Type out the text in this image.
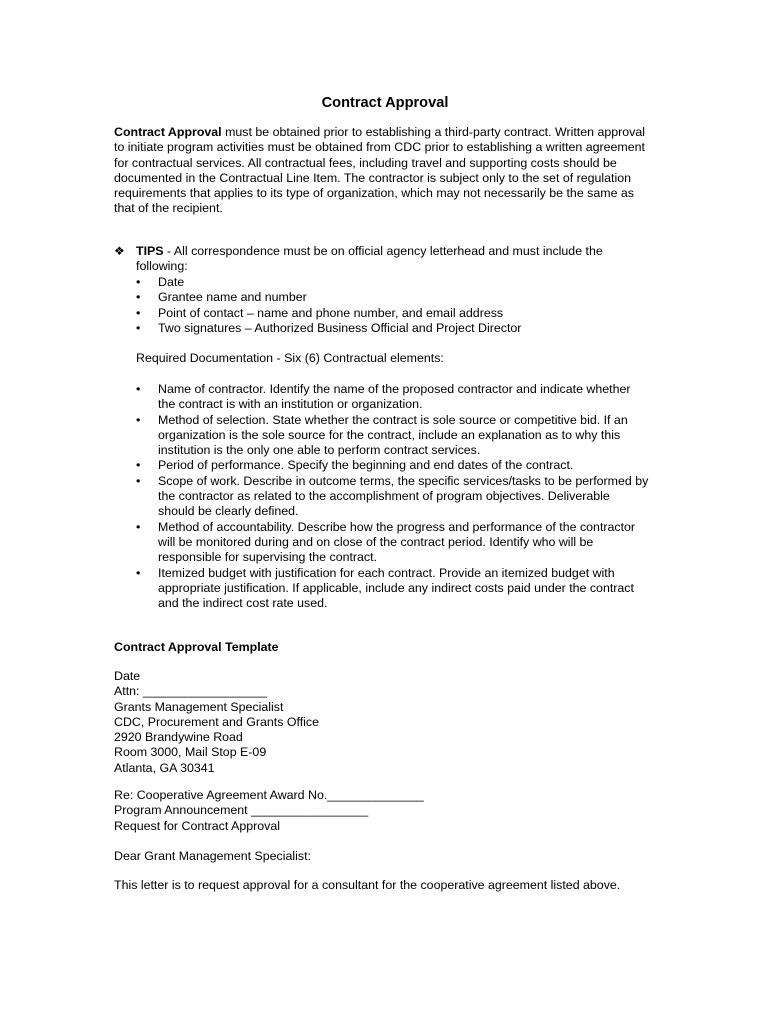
Contract Approval
Contract Approval must be obtained prior to establishing a third-party contract. Written approval
to initiate program activities must be obtained from CDC prior to establishing a written agreement
for contractual services. All contractual fees, including travel and supporting costs should be
documented in the Contractual Line Item. The contractor is subject only to the set of regulation
requirements that applies to its type of organization, which may not necessarily be the same as
that of the recipient.
❖ TIPS - All correspondence must be on official agency letterhead and must include the
following:
• Date
• Grantee name and number
• Point of contact – name and phone number, and email address
• Two signatures – Authorized Business Official and Project Director
Required Documentation - Six (6) Contractual elements:
• Name of contractor. Identify the name of the proposed contractor and indicate whether
the contract is with an institution or organization.
• Method of selection. State whether the contract is sole source or competitive bid. If an
organization is the sole source for the contract, include an explanation as to why this
institution is the only one able to perform contract services.
• Period of performance. Specify the beginning and end dates of the contract.
• Scope of work. Describe in outcome terms, the specific services/tasks to be performed by
the contractor as related to the accomplishment of program objectives. Deliverable
should be clearly defined.
• Method of accountability. Describe how the progress and performance of the contractor
will be monitored during and on close of the contract period. Identify who will be
responsible for supervising the contract.
• Itemized budget with justification for each contract. Provide an itemized budget with
appropriate justification. If applicable, include any indirect costs paid under the contract
and the indirect cost rate used.
Contract Approval Template
Date
Attn: __________________
Grants Management Specialist
CDC, Procurement and Grants Office
2920 Brandywine Road
Room 3000, Mail Stop E-09
Atlanta, GA 30341
Re: Cooperative Agreement Award No.______________
Program Announcement _________________
Request for Contract Approval
Dear Grant Management Specialist:
This letter is to request approval for a consultant for the cooperative agreement listed above.
